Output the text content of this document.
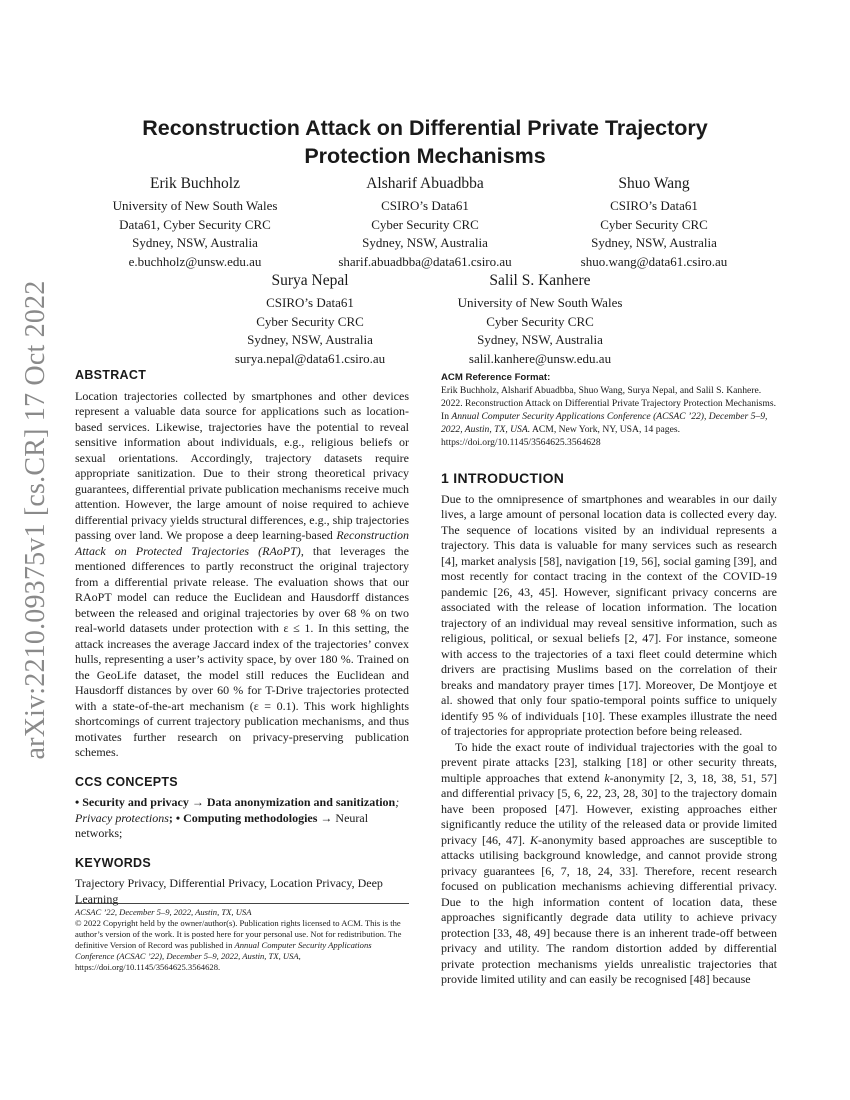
arXiv:2210.09375v1 [cs.CR] 17 Oct 2022
Reconstruction Attack on Differential Private Trajectory Protection Mechanisms
Erik Buchholz
University of New South Wales
Data61, Cyber Security CRC
Sydney, NSW, Australia
e.buchholz@unsw.edu.au
Alsharif Abuadbba
CSIRO’s Data61
Cyber Security CRC
Sydney, NSW, Australia
sharif.abuadbba@data61.csiro.au
Shuo Wang
CSIRO’s Data61
Cyber Security CRC
Sydney, NSW, Australia
shuo.wang@data61.csiro.au
Surya Nepal
CSIRO’s Data61
Cyber Security CRC
Sydney, NSW, Australia
surya.nepal@data61.csiro.au
Salil S. Kanhere
University of New South Wales
Cyber Security CRC
Sydney, NSW, Australia
salil.kanhere@unsw.edu.au
ABSTRACT

Location trajectories collected by smartphones and other devices represent a valuable data source for applications such as location-based services. Likewise, trajectories have the potential to reveal sensitive information about individuals, e.g., religious beliefs or sexual orientations. Accordingly, trajectory datasets require appropriate sanitization. Due to their strong theoretical privacy guarantees, differential private publication mechanisms receive much attention. However, the large amount of noise required to achieve differential privacy yields structural differences, e.g., ship trajectories passing over land. We propose a deep learning-based Reconstruction Attack on Protected Trajectories (RAoPT), that leverages the mentioned differences to partly reconstruct the original trajectory from a differential private release. The evaluation shows that our RAoPT model can reduce the Euclidean and Hausdorff distances between the released and original trajectories by over 68 % on two real-world datasets under protection with ε ≤ 1. In this setting, the attack increases the average Jaccard index of the trajectories’ convex hulls, representing a user’s activity space, by over 180 %. Trained on the GeoLife dataset, the model still reduces the Euclidean and Hausdorff distances by over 60 % for T-Drive trajectories protected with a state-of-the-art mechanism (ε = 0.1). This work highlights shortcomings of current trajectory publication mechanisms, and thus motivates further research on privacy-preserving publication schemes.

CCS CONCEPTS

• Security and privacy → Data anonymization and sanitization; Privacy protections; • Computing methodologies → Neural networks;

KEYWORDS

Trajectory Privacy, Differential Privacy, Location Privacy, Deep Learning

ACSAC ’22, December 5–9, 2022, Austin, TX, USA
© 2022 Copyright held by the owner/author(s). Publication rights licensed to ACM. This is the author’s version of the work. It is posted here for your personal use. Not for redistribution. The definitive Version of Record was published in Annual Computer Security Applications Conference (ACSAC ’22), December 5–9, 2022, Austin, TX, USA, https://doi.org/10.1145/3564625.3564628.
ACM Reference Format:
Erik Buchholz, Alsharif Abuadbba, Shuo Wang, Surya Nepal, and Salil S. Kanhere. 2022. Reconstruction Attack on Differential Private Trajectory Protection Mechanisms. In Annual Computer Security Applications Conference (ACSAC ’22), December 5–9, 2022, Austin, TX, USA. ACM, New York, NY, USA, 14 pages. https://doi.org/10.1145/3564625.3564628
1 INTRODUCTION

Due to the omnipresence of smartphones and wearables in our daily lives, a large amount of personal location data is collected every day. The sequence of locations visited by an individual represents a trajectory. This data is valuable for many services such as research [4], market analysis [58], navigation [19, 56], social gaming [39], and most recently for contact tracing in the context of the COVID-19 pandemic [26, 43, 45]. However, significant privacy concerns are associated with the release of location information. The location trajectory of an individual may reveal sensitive information, such as religious, political, or sexual beliefs [2, 47]. For instance, someone with access to the trajectories of a taxi fleet could determine which drivers are practising Muslims based on the correlation of their breaks and mandatory prayer times [17]. Moreover, De Montjoye et al. showed that only four spatio-temporal points suffice to uniquely identify 95 % of individuals [10]. These examples illustrate the need of trajectories for appropriate protection before being released.

To hide the exact route of individual trajectories with the goal to prevent pirate attacks [23], stalking [18] or other security threats, multiple approaches that extend k-anonymity [2, 3, 18, 38, 51, 57] and differential privacy [5, 6, 22, 23, 28, 30] to the trajectory domain have been proposed [47]. However, existing approaches either significantly reduce the utility of the released data or provide limited privacy [46, 47]. K-anonymity based approaches are susceptible to attacks utilising background knowledge, and cannot provide strong privacy guarantees [6, 7, 18, 24, 33]. Therefore, recent research focused on publication mechanisms achieving differential privacy. Due to the high information content of location data, these approaches significantly degrade data utility to achieve privacy protection [33, 48, 49] because there is an inherent trade-off between privacy and utility. The random distortion added by differential private protection mechanisms yields unrealistic trajectories that provide limited utility and can easily be recognised [48] because
